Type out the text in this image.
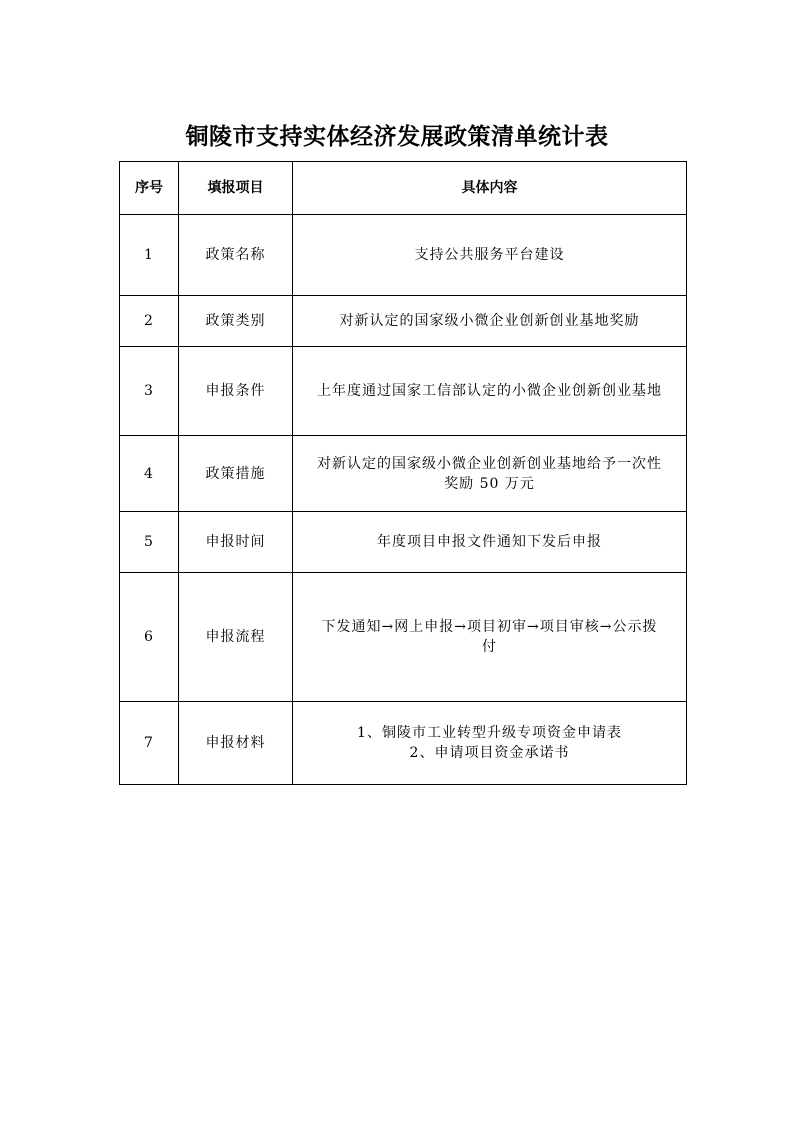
铜陵市支持实体经济发展政策清单统计表
序号	填报项目	具体内容
1	政策名称	支持公共服务平台建设

2	政策类别	对新认定的国家级小微企业创新创业基地奖励

3	申报条件	上年度通过国家工信部认定的小微企业创新创业基地

4	政策措施	对新认定的国家级小微企业创新创业基地给予一次性
奖励 50 万元

5	申报时间	年度项目申报文件通知下发后申报

6	申报流程	下发通知→网上申报→项目初审→项目审核→公示拨
付

7	申报材料	1、铜陵市工业转型升级专项资金申请表
2、申请项目资金承诺书
